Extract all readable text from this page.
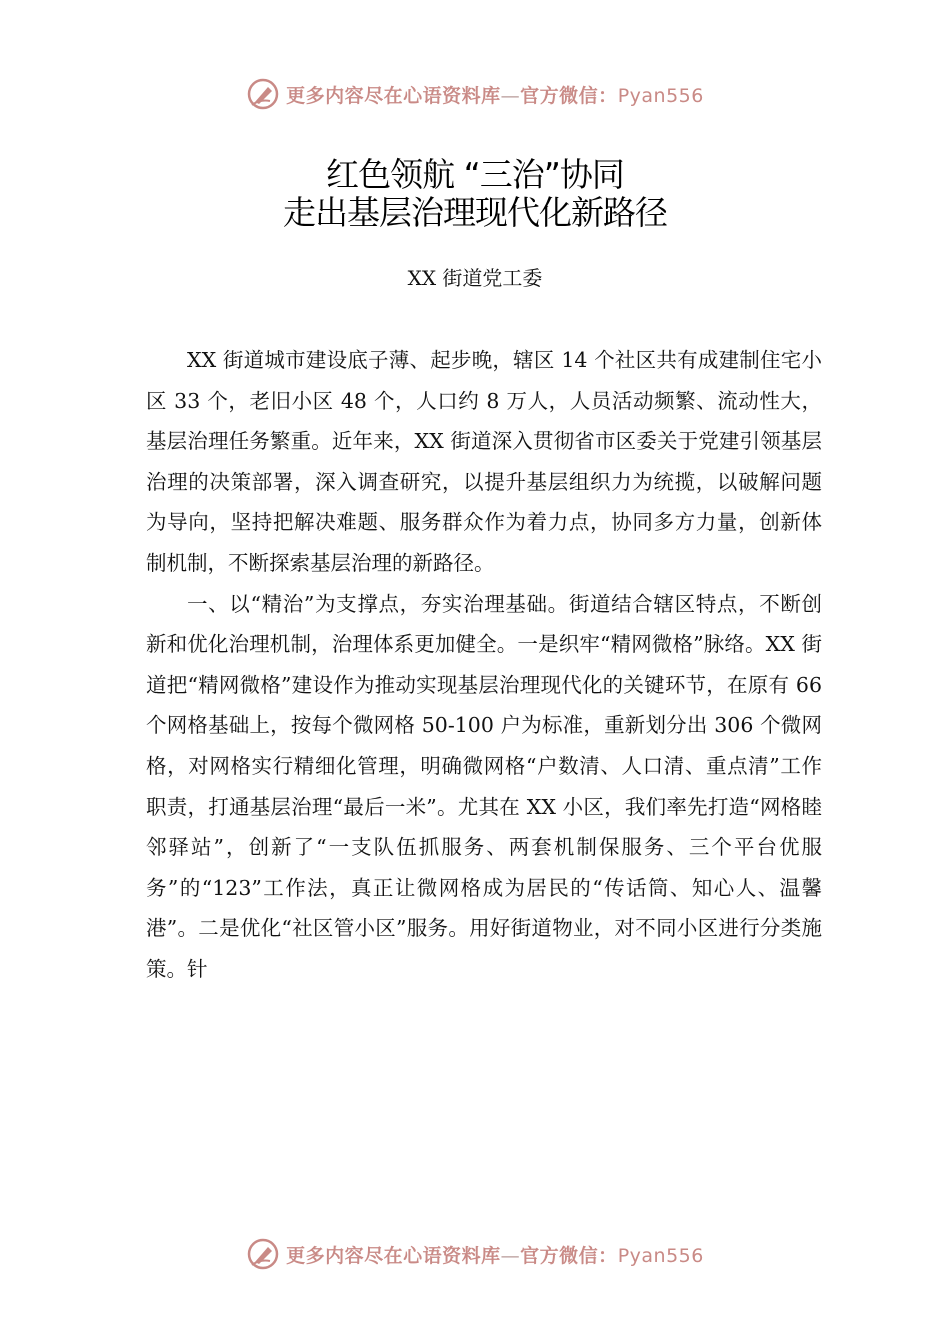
更多内容尽在心语资料库—官方微信：Pyan556
红色领航 “三治”协同
走出基层治理现代化新路径
XX 街道党工委

XX 街道城市建设底子薄、起步晚，辖区 14 个社区共有成建制住宅小区 33 个，老旧小区 48 个，人口约 8 万人，人员活动频繁、流动性大，基层治理任务繁重。近年来，XX 街道深入贯彻省市区委关于党建引领基层治理的决策部署，深入调查研究，以提升基层组织力为统揽，以破解问题为导向，坚持把解决难题、服务群众作为着力点，协同多方力量，创新体制机制，不断探索基层治理的新路径。

一、以“精治”为支撑点，夯实治理基础。街道结合辖区特点，不断创新和优化治理机制，治理体系更加健全。一是织牢“精网微格”脉络。XX 街道把“精网微格”建设作为推动实现基层治理现代化的关键环节，在原有 66 个网格基础上，按每个微网格 50-100 户为标准，重新划分出 306 个微网格，对网格实行精细化管理，明确微网格“户数清、人口清、重点清”工作职责，打通基层治理“最后一米”。尤其在 XX 小区，我们率先打造“网格睦邻驿站”，创新了“一支队伍抓服务、两套机制保服务、三个平台优服务”的“123”工作法，真正让微网格成为居民的“传话筒、知心人、温馨港”。二是优化“社区管小区”服务。用好街道物业，对不同小区进行分类施策。针

更多内容尽在心语资料库—官方微信：Pyan556
